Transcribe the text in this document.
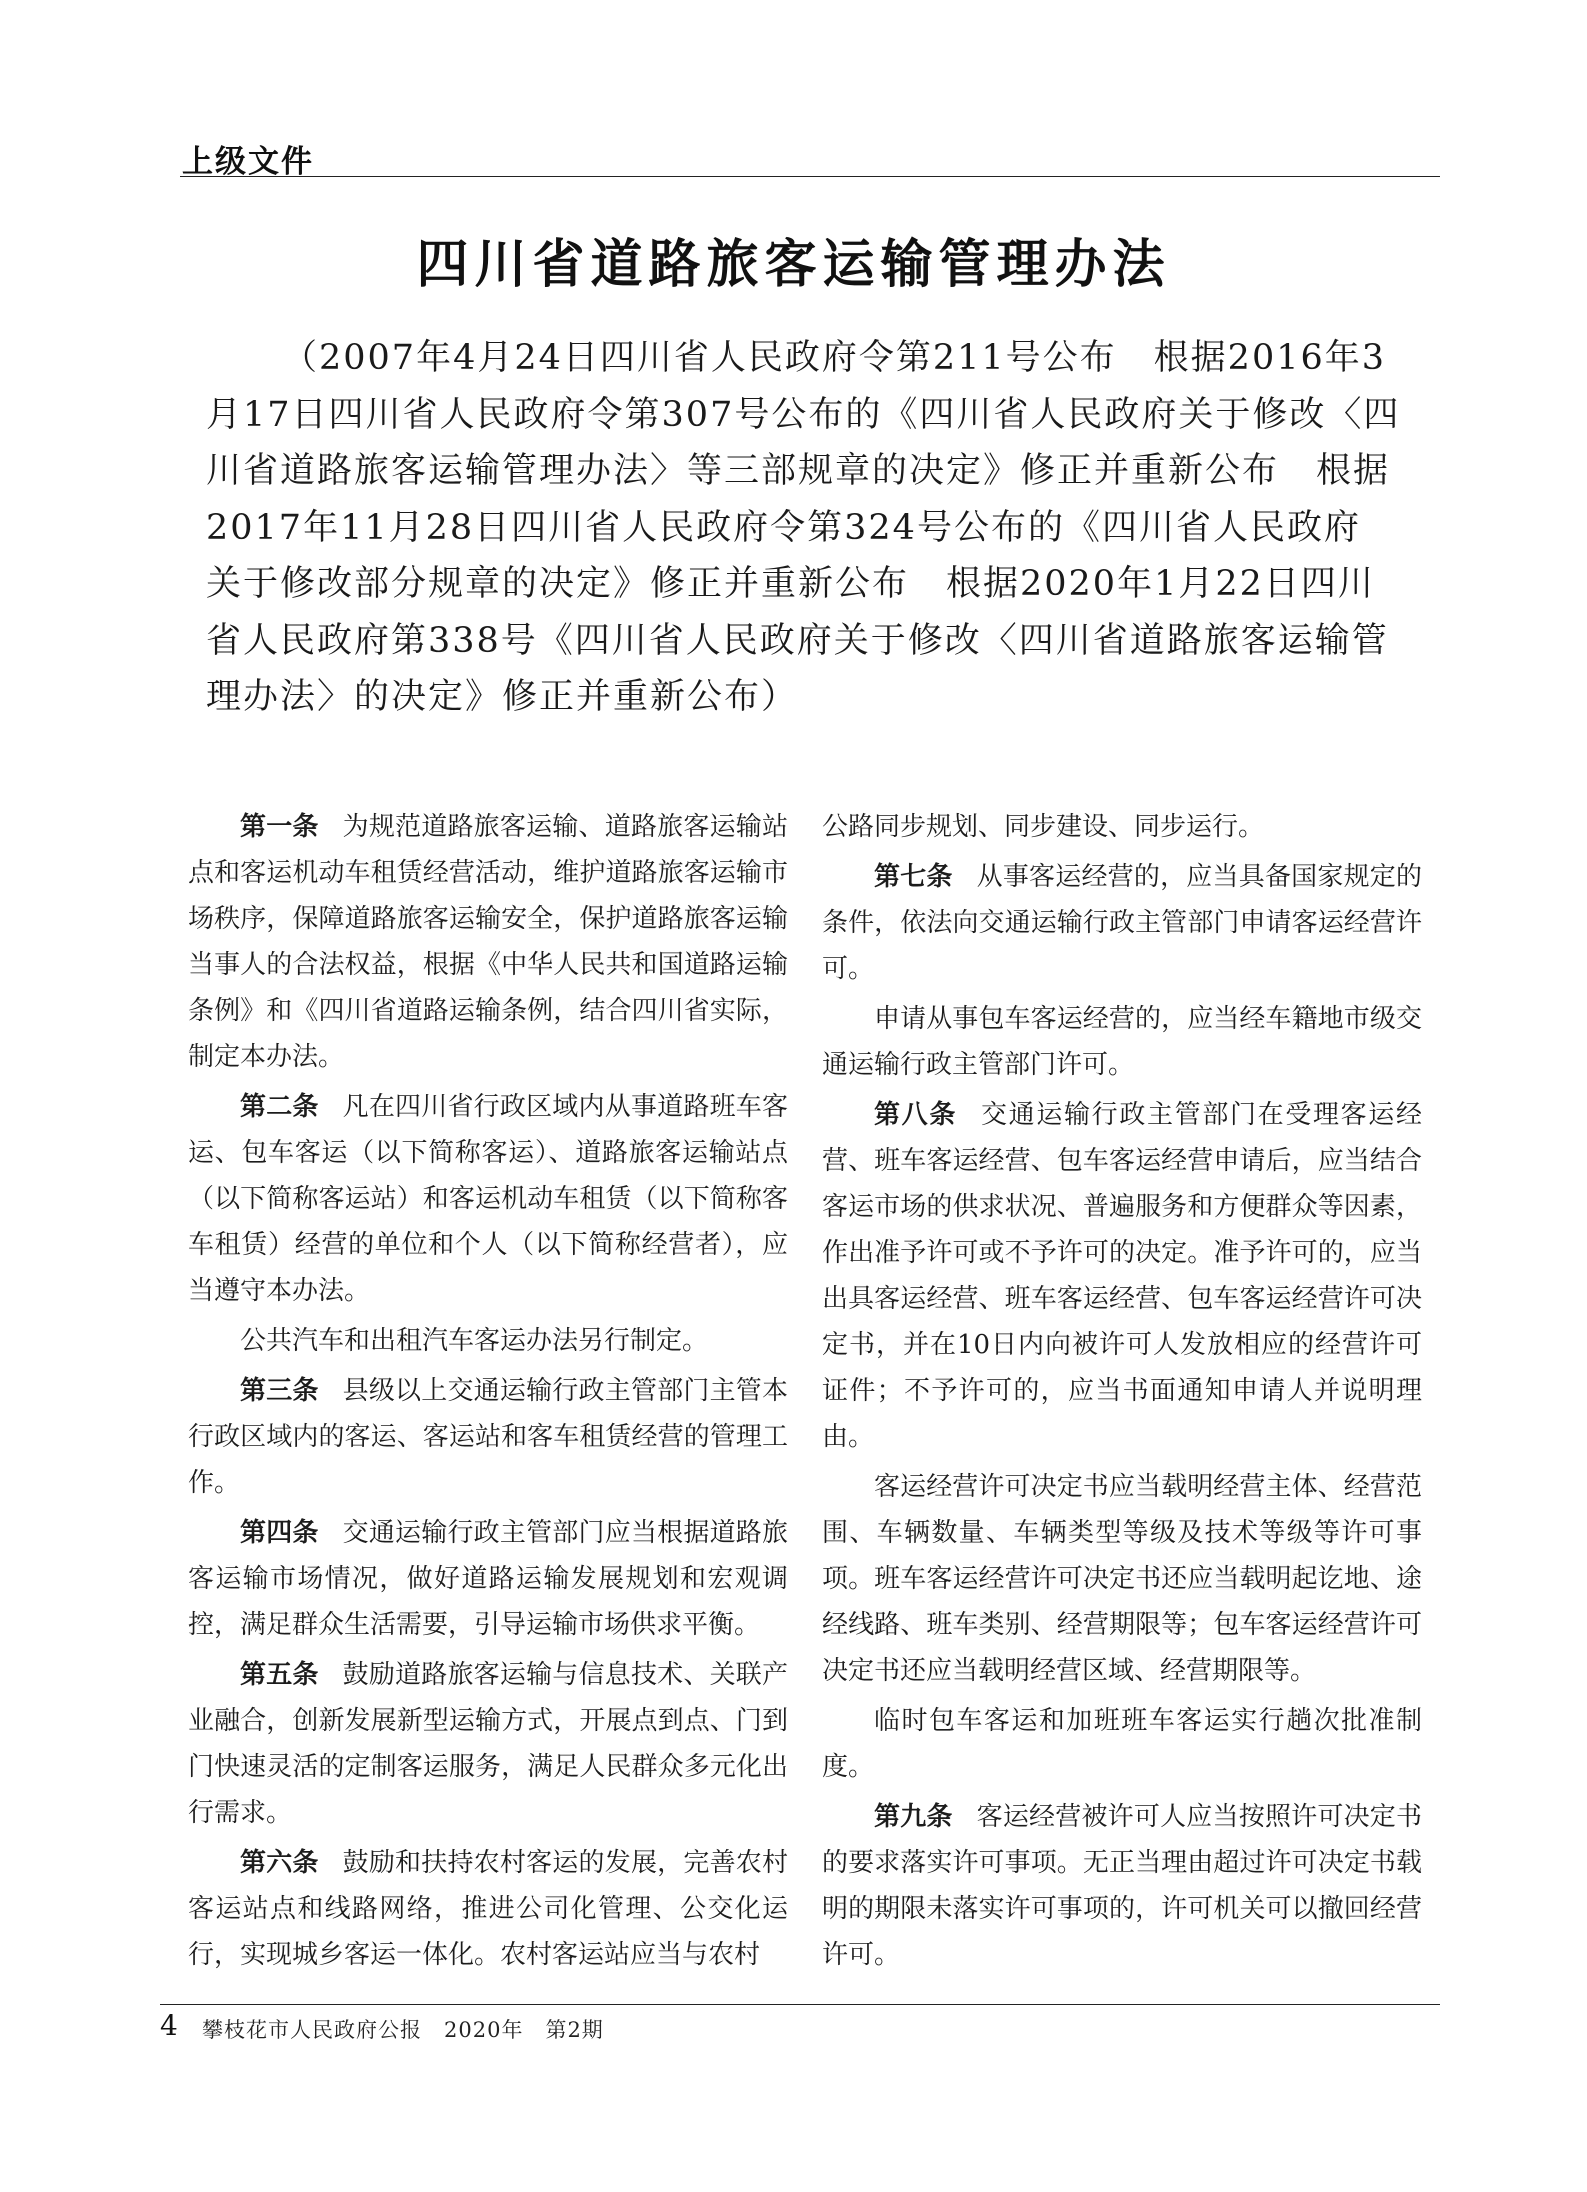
上级文件
四川省道路旅客运输管理办法
（2007年4月24日四川省人民政府令第211号公布　根据2016年3
月17日四川省人民政府令第307号公布的《四川省人民政府关于修改〈四
川省道路旅客运输管理办法〉等三部规章的决定》修正并重新公布　根据
2017年11月28日四川省人民政府令第324号公布的《四川省人民政府
关于修改部分规章的决定》修正并重新公布　根据2020年1月22日四川
省人民政府第338号《四川省人民政府关于修改〈四川省道路旅客运输管
理办法〉的决定》修正并重新公布）

第一条 为规范道路旅客运输、道路旅客运输站点和客运机动车租赁经营活动，维护道路旅客运输市场秩序，保障道路旅客运输安全，保护道路旅客运输当事人的合法权益，根据《中华人民共和国道路运输条例》和《四川省道路运输条例，结合四川省实际，制定本办法。

第二条 凡在四川省行政区域内从事道路班车客运、包车客运（以下简称客运）、道路旅客运输站点（以下简称客运站）和客运机动车租赁（以下简称客车租赁）经营的单位和个人（以下简称经营者），应当遵守本办法。

公共汽车和出租汽车客运办法另行制定。

第三条 县级以上交通运输行政主管部门主管本行政区域内的客运、客运站和客车租赁经营的管理工作。

第四条 交通运输行政主管部门应当根据道路旅客运输市场情况，做好道路运输发展规划和宏观调控，满足群众生活需要，引导运输市场供求平衡。

第五条 鼓励道路旅客运输与信息技术、关联产业融合，创新发展新型运输方式，开展点到点、门到门快速灵活的定制客运服务，满足人民群众多元化出行需求。

第六条 鼓励和扶持农村客运的发展，完善农村客运站点和线路网络，推进公司化管理、公交化运行，实现城乡客运一体化。农村客运站应当与农村

公路同步规划、同步建设、同步运行。

第七条 从事客运经营的，应当具备国家规定的条件，依法向交通运输行政主管部门申请客运经营许可。

申请从事包车客运经营的，应当经车籍地市级交通运输行政主管部门许可。

第八条 交通运输行政主管部门在受理客运经营、班车客运经营、包车客运经营申请后，应当结合客运市场的供求状况、普遍服务和方便群众等因素，作出准予许可或不予许可的决定。准予许可的，应当出具客运经营、班车客运经营、包车客运经营许可决定书，并在10日内向被许可人发放相应的经营许可证件；不予许可的，应当书面通知申请人并说明理由。

客运经营许可决定书应当载明经营主体、经营范围、车辆数量、车辆类型等级及技术等级等许可事项。班车客运经营许可决定书还应当载明起讫地、途经线路、班车类别、经营期限等；包车客运经营许可决定书还应当载明经营区域、经营期限等。

临时包车客运和加班班车客运实行趟次批准制度。

第九条 客运经营被许可人应当按照许可决定书的要求落实许可事项。无正当理由超过许可决定书载明的期限未落实许可事项的，许可机关可以撤回经营许可。

4 攀枝花市人民政府公报　2020年　第2期
